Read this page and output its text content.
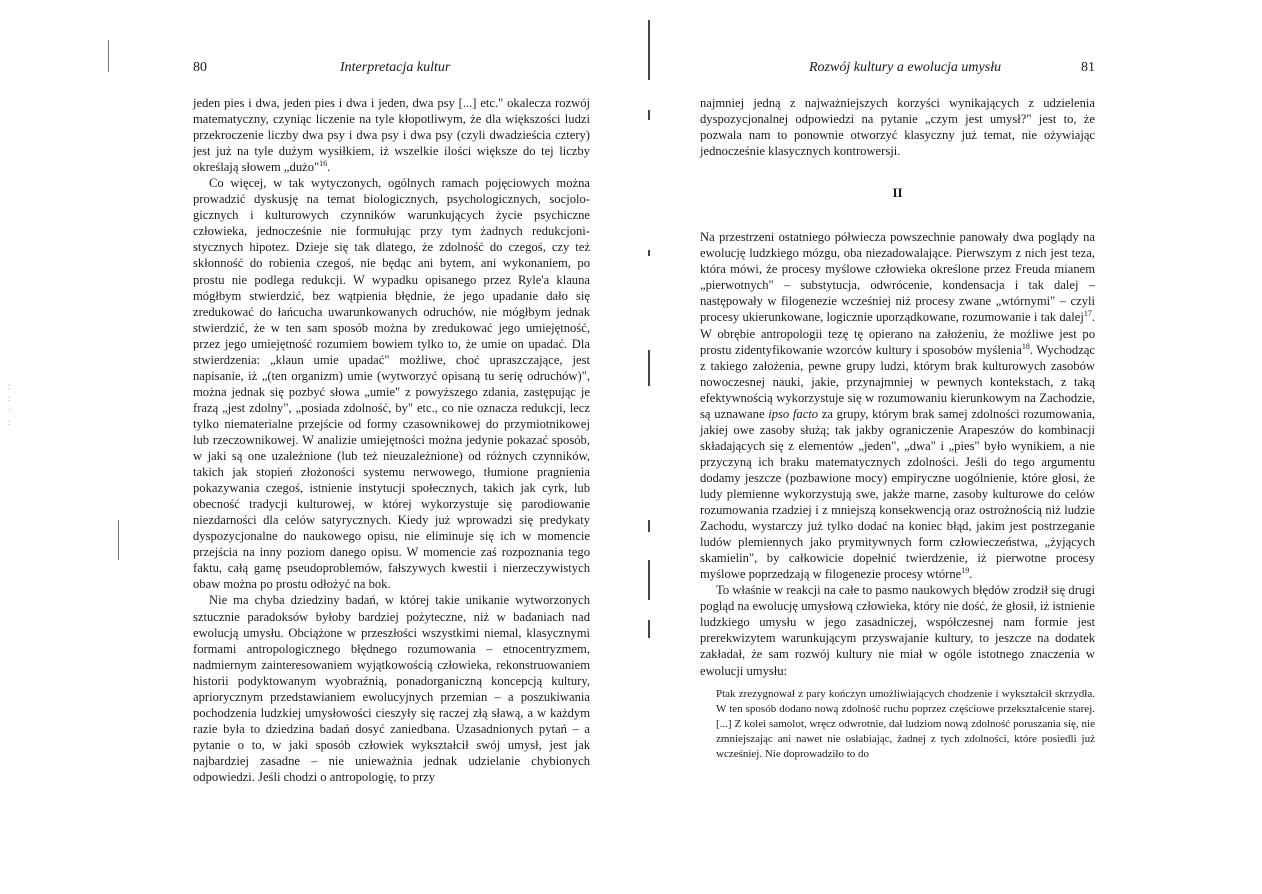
:
:
·
:
80	Interpretacja kultur

jeden pies i dwa, jeden pies i dwa i jeden, dwa psy [...] etc." okalecza rozwój matematyczny, czyniąc liczenie na tyle kłopotliwym, że dla większości ludzi przekroczenie liczby dwa psy i dwa psy i dwa psy (czyli dwadzieścia cztery) jest już na tyle dużym wysiłkiem, iż wszelkie ilości większe do tej liczby określają słowem „dużo"$^{16}$.

Co więcej, w tak wytyczonych, ogólnych ramach pojęciowych można prowadzić dyskusję na temat biologicznych, psychologicznych, socjologicznych i kulturowych czynników warunkujących życie psychiczne człowieka, jednocześnie nie formułując przy tym żadnych redukcjonistycznych hipotez. Dzieje się tak dlatego, że zdolność do czegoś, czy też skłonność do robienia czegoś, nie będąc ani bytem, ani wykonaniem, po prostu nie podlega redukcji. W wypadku opisanego przez Ryle'a klauna mógłbym stwierdzić, bez wątpienia błędnie, że jego upadanie dało się zredukować do łańcucha uwarunkowanych odruchów, nie mógłbym jednak stwierdzić, że w ten sam sposób można by zredukować jego umiejętność, przez jego umiejętność rozumiem bowiem tylko to, że umie on upadać. Dla stwierdzenia: „klaun umie upadać" możliwe, choć upraszczające, jest napisanie, iż „(ten organizm) umie (wytworzyć opisaną tu serię odruchów)", można jednak się pozbyć słowa „umie" z powyższego zdania, zastępując je frazą „jest zdolny", „posiada zdolność, by" etc., co nie oznacza redukcji, lecz tylko niematerialne przejście od formy czasownikowej do przymiotnikowej lub rzeczownikowej. W analizie umiejętności można jedynie pokazać sposób, w jaki są one uzależnione (lub też nieuzależnione) od różnych czynników, takich jak stopień złożoności systemu nerwowego, tłumione pragnienia pokazywania czegoś, istnienie instytucji społecznych, takich jak cyrk, lub obecność tradycji kulturowej, w której wykorzystuje się parodiowanie niezdarności dla celów satyrycznych. Kiedy już wprowadzi się predykaty dyspozycjonalne do naukowego opisu, nie eliminuje się ich w momencie przejścia na inny poziom danego opisu. W momencie zaś rozpoznania tego faktu, całą gamę pseudoproblemów, fałszywych kwestii i nierzeczywistych obaw można po prostu odłożyć na bok.

Nie ma chyba dziedziny badań, w której takie unikanie wytworzonych sztucznie paradoksów byłoby bardziej pożyteczne, niż w badaniach nad ewolucją umysłu. Obciążone w przeszłości wszystkimi niemal, klasycznymi formami antropologicznego błędnego rozumowania – etnocentryzmem, nadmiernym zainteresowaniem wyjątkowością człowieka, rekonstruowaniem historii podyktowanym wyobraźnią, ponadorganiczną koncepcją kultury, apriorycznym przedstawianiem ewolucyjnych przemian – a poszukiwania pochodzenia ludzkiej umysłowości cieszyły się raczej złą sławą, a w każdym razie była to dziedzina badań dosyć zaniedbana. Uzasadnionych pytań – a pytanie o to, w jaki sposób człowiek wykształcił swój umysł, jest jak najbardziej zasadne – nie unieważnia jednak udzielanie chybionych odpowiedzi. Jeśli chodzi o antropologię, to przy

Rozwój kultury a ewolucja umysłu	81

najmniej jedną z najważniejszych korzyści wynikających z udzielenia dyspozycjonalnej odpowiedzi na pytanie „czym jest umysł?" jest to, że pozwala nam to ponownie otworzyć klasyczny już temat, nie ożywiając jednocześnie klasycznych kontrowersji.

II

Na przestrzeni ostatniego półwiecza powszechnie panowały dwa poglądy na ewolucję ludzkiego mózgu, oba niezadowalające. Pierwszym z nich jest teza, która mówi, że procesy myślowe człowieka określone przez Freuda mianem „pierwotnych" – substytucja, odwrócenie, kondensacja i tak dalej – następowały w filogenezie wcześniej niż procesy zwane „wtórnymi" – czyli procesy ukierunkowane, logicznie uporządkowane, rozumowanie i tak dalej$^{17}$. W obrębie antropologii tezę tę opierano na założeniu, że możliwe jest po prostu zidentyfikowanie wzorców kultury i sposobów myślenia$^{18}$. Wychodząc z takiego założenia, pewne grupy ludzi, którym brak kulturowych zasobów nowoczesnej nauki, jakie, przynajmniej w pewnych kontekstach, z taką efektywnością wykorzystuje się w rozumowaniu kierunkowym na Zachodzie, są uznawane ipso facto za grupy, którym brak samej zdolności rozumowania, jakiej owe zasoby służą; tak jakby ograniczenie Arapeszów do kombinacji składających się z elementów „jeden", „dwa" i „pies" było wynikiem, a nie przyczyną ich braku matematycznych zdolności. Jeśli do tego argumentu dodamy jeszcze (pozbawione mocy) empiryczne uogólnienie, które głosi, że ludy plemienne wykorzystują swe, jakże marne, zasoby kulturowe do celów rozumowania rzadziej i z mniejszą konsekwencją oraz ostrożnością niż ludzie Zachodu, wystarczy już tylko dodać na koniec błąd, jakim jest postrzeganie ludów plemiennych jako prymitywnych form człowieczeństwa, „żyjących skamielin", by całkowicie dopełnić twierdzenie, iż pierwotne procesy myślowe poprzedzają w filogenezie procesy wtórne$^{19}$.

To właśnie w reakcji na całe to pasmo naukowych błędów zrodził się drugi pogląd na ewolucję umysłową człowieka, który nie dość, że głosił, iż istnienie ludzkiego umysłu w jego zasadniczej, współczesnej nam formie jest prerekwizytem warunkującym przyswajanie kultury, to jeszcze na dodatek zakładał, że sam rozwój kultury nie miał w ogóle istotnego znaczenia w ewolucji umysłu:

Ptak zrezygnował z pary kończyn umożliwiających chodzenie i wykształcił skrzydła. W ten sposób dodano nową zdolność ruchu poprzez częściowe przekształcenie starej. [...] Z kolei samolot, wręcz odwrotnie, dał ludziom nową zdolność poruszania się, nie zmniejszając ani nawet nie osłabiając, żadnej z tych zdolności, które posiedli już wcześniej. Nie doprowadziło to do
